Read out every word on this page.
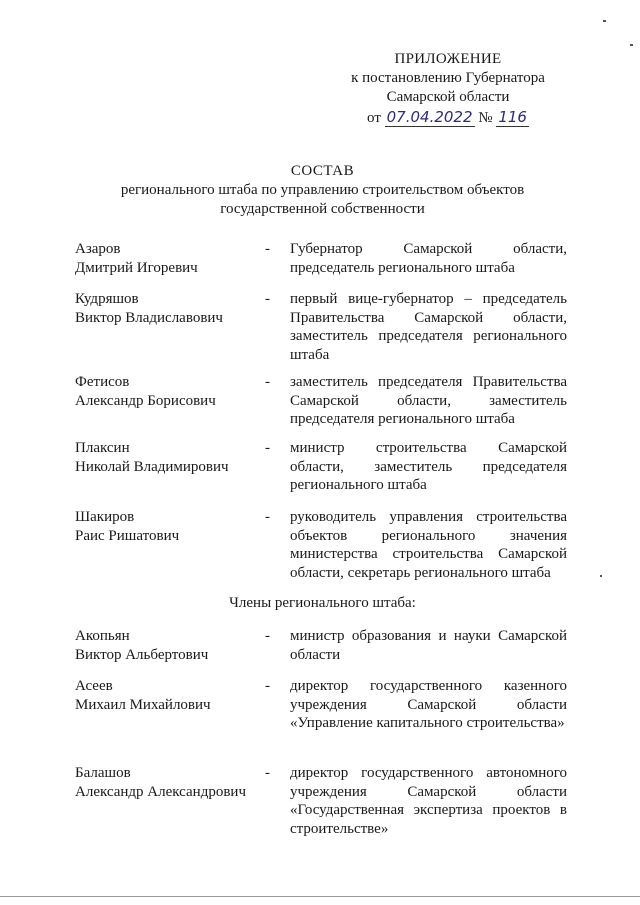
ПРИЛОЖЕНИЕ
к постановлению Губернатора
Самарской области
от 07.04.2022 № 116
СОСТАВ
регионального штаба по управлению строительством объектов
государственной собственности
Азаров
Дмитрий Игоревич
- Губернатор Самарской области, председатель регионального штаба
Кудряшов
Виктор Владиславович
- первый вице-губернатор – председатель Правительства Самарской области, заместитель председателя регионального штаба
Фетисов
Александр Борисович
- заместитель председателя Правительства Самарской области, заместитель председателя регионального штаба
Плаксин
Николай Владимирович
- министр строительства Самарской области, заместитель председателя регионального штаба
Шакиров
Раис Ришатович
- руководитель управления строительства объектов регионального значения министерства строительства Самарской области, секретарь регионального штаба
Члены регионального штаба:
Акопьян
Виктор Альбертович
- министр образования и науки Самарской области
Асеев
Михаил Михайлович
- директор государственного казенного учреждения Самарской области «Управление капитального строительства»
Балашов
Александр Александрович
- директор государственного автономного учреждения Самарской области «Государственная экспертиза проектов в строительстве»
